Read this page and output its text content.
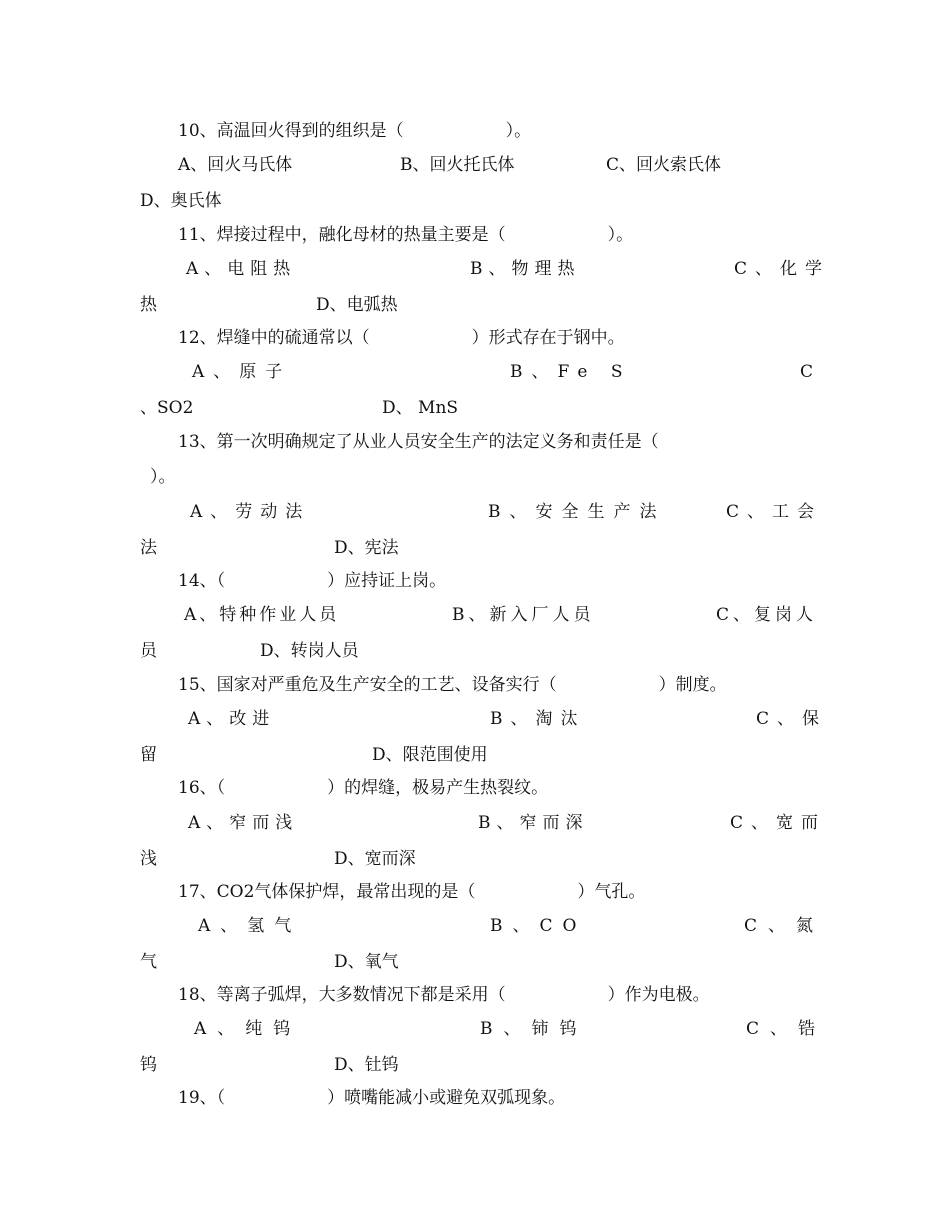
10、高温回火得到的组织是（　　　　　　）。
A、回火马氏体	B、回火托氏体	C、回火索氏体
D、奥氏体
11、焊接过程中，融化母材的热量主要是（　　　　　　）。
A、电阻热	B、物理热	C、化学
热	D、电弧热
12、焊缝中的硫通常以（　　　　　　）形式存在于钢中。
A、原子	B、Fe S	C
、SO2	D、 MnS
13、第一次明确规定了从业人员安全生产的法定义务和责任是（
）。
A、劳动法	B、安全生产法	C、工会
法	D、宪法
14、（　　　　　　）应持证上岗。
A、特种作业人员	B、新入厂人员	C、复岗人
员	D、转岗人员
15、国家对严重危及生产安全的工艺、设备实行（　　　　　　）制度。
A、改进	B、淘汰	C、保
留	D、限范围使用
16、（　　　　　　）的焊缝，极易产生热裂纹。
A、窄而浅	B、窄而深	C、宽而
浅	D、宽而深
17、CO2气体保护焊，最常出现的是（　　　　　　）气孔。
A、氢气	B、CO	C、氮
气	D、氧气
18、等离子弧焊，大多数情况下都是采用（　　　　　　）作为电极。
A、纯钨	B、铈钨	C、锆
钨	D、钍钨
19、（　　　　　　）喷嘴能减小或避免双弧现象。
